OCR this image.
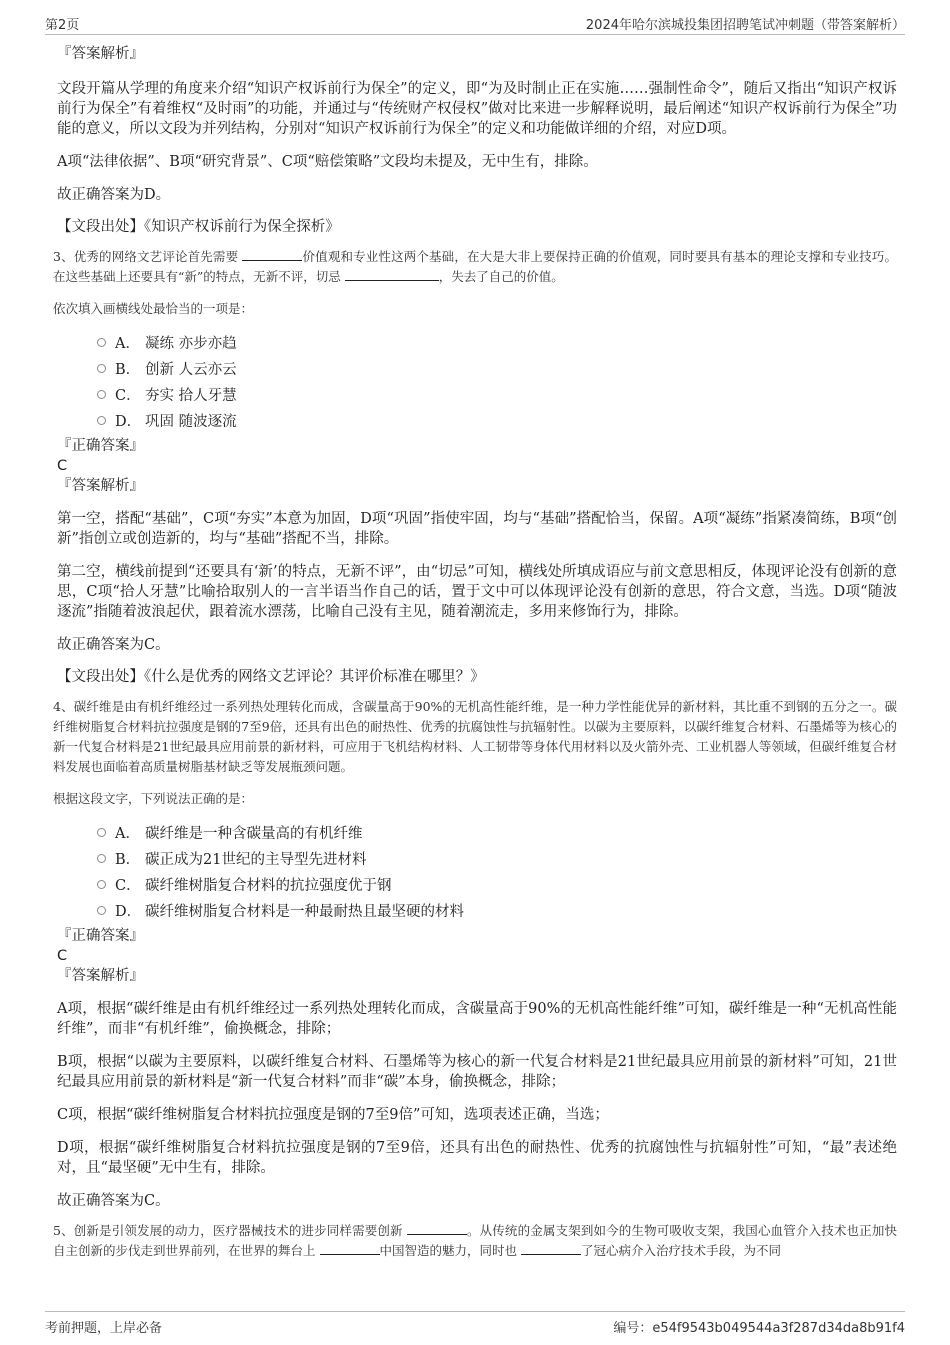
第2页	2024年哈尔滨城投集团招聘笔试冲刺题（带答案解析）

『答案解析』

文段开篇从学理的角度来介绍“知识产权诉前行为保全”的定义，即“为及时制止正在实施……强制性命令”，随后又指出“知识产权诉前行为保全”有着维权“及时雨”的功能，并通过与“传统财产权侵权”做对比来进一步解释说明，最后阐述“知识产权诉前行为保全”功能的意义，所以文段为并列结构，分别对“知识产权诉前行为保全”的定义和功能做详细的介绍，对应D项。

A项“法律依据”、B项“研究背景”、C项“赔偿策略”文段均未提及，无中生有，排除。

故正确答案为D。

【文段出处】《知识产权诉前行为保全探析》

3、优秀的网络文艺评论首先需要	价值观和专业性这两个基础，在大是大非上要保持正确的价值观，同时要具有基本的理论支撑和专业技巧。在这些基础上还要具有“新”的特点，无新不评，切忌	，失去了自己的价值。

依次填入画横线处最恰当的一项是：

A． 凝练 亦步亦趋
B． 创新 人云亦云
C． 夯实 拾人牙慧
D． 巩固 随波逐流

『正确答案』

C

『答案解析』

第一空，搭配“基础”，C项“夯实”本意为加固，D项“巩固”指使牢固，均与“基础”搭配恰当，保留。A项“凝练”指紧凑简练，B项“创新”指创立或创造新的，均与“基础”搭配不当，排除。

第二空，横线前提到“还要具有‘新’的特点，无新不评”，由“切忌”可知，横线处所填成语应与前文意思相反，体现评论没有创新的意思，C项“拾人牙慧”比喻拾取别人的一言半语当作自己的话，置于文中可以体现评论没有创新的意思，符合文意，当选。D项“随波逐流”指随着波浪起伏，跟着流水漂荡，比喻自己没有主见，随着潮流走，多用来修饰行为，排除。

故正确答案为C。

【文段出处】《什么是优秀的网络文艺评论？其评价标准在哪里？》

4、碳纤维是由有机纤维经过一系列热处理转化而成，含碳量高于90%的无机高性能纤维，是一种力学性能优异的新材料，其比重不到钢的五分之一。碳纤维树脂复合材料抗拉强度是钢的7至9倍，还具有出色的耐热性、优秀的抗腐蚀性与抗辐射性。以碳为主要原料，以碳纤维复合材料、石墨烯等为核心的新一代复合材料是21世纪最具应用前景的新材料，可应用于飞机结构材料、人工韧带等身体代用材料以及火箭外壳、工业机器人等领域，但碳纤维复合材料发展也面临着高质量树脂基材缺乏等发展瓶颈问题。

根据这段文字，下列说法正确的是：

A． 碳纤维是一种含碳量高的有机纤维
B． 碳正成为21世纪的主导型先进材料
C． 碳纤维树脂复合材料的抗拉强度优于钢
D． 碳纤维树脂复合材料是一种最耐热且最坚硬的材料

『正确答案』

C

『答案解析』

A项，根据“碳纤维是由有机纤维经过一系列热处理转化而成，含碳量高于90%的无机高性能纤维”可知，碳纤维是一种“无机高性能纤维”，而非“有机纤维”，偷换概念，排除；

B项，根据“以碳为主要原料，以碳纤维复合材料、石墨烯等为核心的新一代复合材料是21世纪最具应用前景的新材料”可知，21世纪最具应用前景的新材料是“新一代复合材料”而非“碳”本身，偷换概念，排除；

C项，根据“碳纤维树脂复合材料抗拉强度是钢的7至9倍”可知，选项表述正确，当选；

D项，根据“碳纤维树脂复合材料抗拉强度是钢的7至9倍，还具有出色的耐热性、优秀的抗腐蚀性与抗辐射性”可知，“最”表述绝对，且“最坚硬”无中生有，排除。

故正确答案为C。

5、创新是引领发展的动力，医疗器械技术的进步同样需要创新	。从传统的金属支架到如今的生物可吸收支架，我国心血管介入技术也正加快自主创新的步伐走到世界前列，在世界的舞台上	中国智造的魅力，同时也	了冠心病介入治疗技术手段，为不同

考前押题，上岸必备	编号：e54f9543b049544a3f287d34da8b91f4
